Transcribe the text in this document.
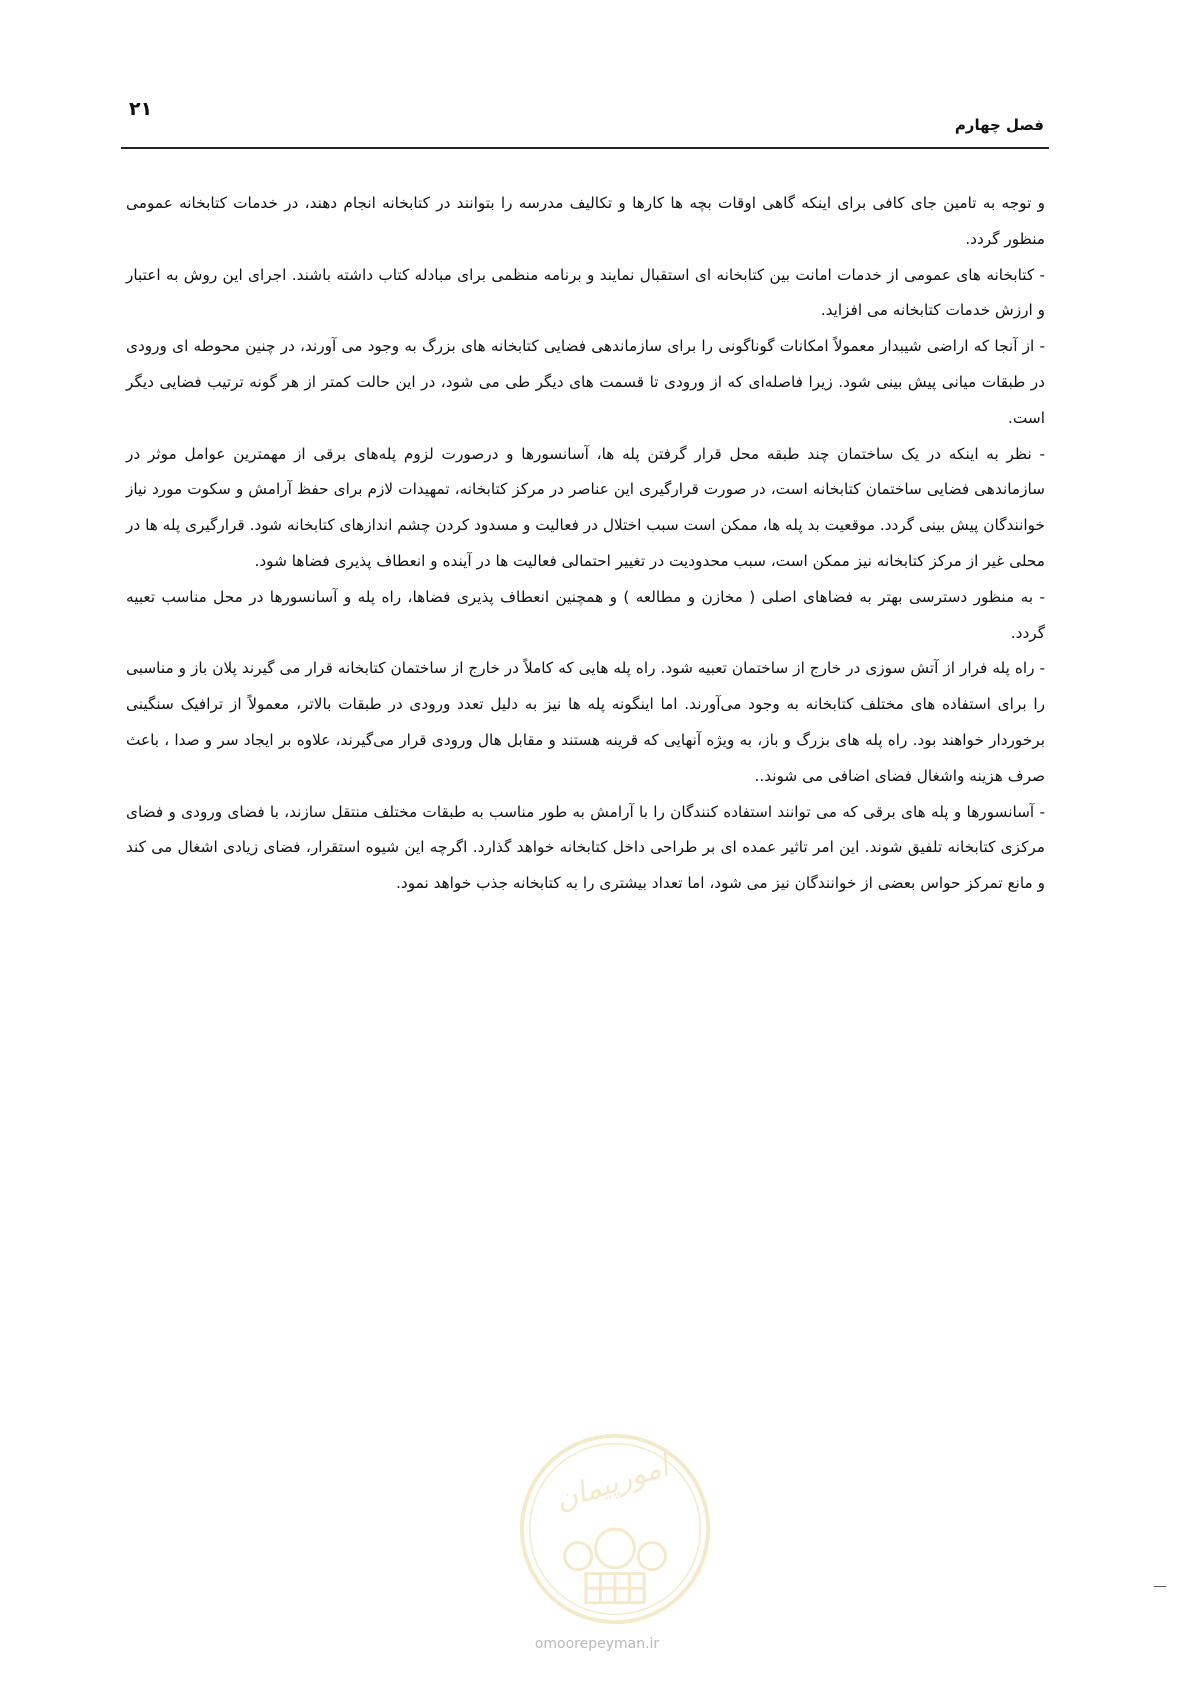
۲۱
فصل چهارم

و توجه به تامین جای کافی برای اینکه گاهی اوقات بچه ها کارها و تکالیف مدرسه را بتوانند در کتابخانه انجام دهند، در خدمات کتابخانه عمومی منظور گردد.

- کتابخانه های عمومی از خدمات امانت بین کتابخانه ای استقبال نمایند و برنامه منظمی برای مبادله کتاب داشته باشند. اجرای این روش به اعتبار و ارزش خدمات کتابخانه می افزاید.

- از آنجا که اراضی شیبدار معمولاً امکانات گوناگونی را برای سازماندهی فضایی کتابخانه های بزرگ به وجود می آورند، در چنین محوطه ای ورودی در طبقات میانی پیش بینی شود. زیرا فاصله‌ای که از ورودی تا قسمت های دیگر طی می شود، در این حالت کمتر از هر گونه ترتیب فضایی دیگر است.

- نظر به اینکه در یک ساختمان چند طبقه محل قرار گرفتن پله ها، آسانسورها و درصورت لزوم پله‌های برقی از مهمترین عوامل موثر در سازماندهی فضایی ساختمان کتابخانه است، در صورت قرارگیری این عناصر در مرکز کتابخانه، تمهیدات لازم برای حفظ آرامش و سکوت مورد نیاز خوانندگان پیش بینی گردد. موقعیت بد پله ها، ممکن است سبب اختلال در فعالیت و مسدود کردن چشم اندازهای کتابخانه شود. قرارگیری پله ها در محلی غیر از مرکز کتابخانه نیز ممکن است، سبب محدودیت در تغییر احتمالی فعالیت ها در آینده و انعطاف پذیری فضاها شود.

- به منظور دسترسی بهتر به فضاهای اصلی ( مخازن و مطالعه ) و همچنین انعطاف پذیری فضاها، راه پله و آسانسورها در محل مناسب تعبیه گردد.

- راه پله فرار از آتش سوزی در خارج از ساختمان تعبیه شود. راه پله هایی که کاملاً در خارج از ساختمان کتابخانه قرار می گیرند پلان باز و مناسبی را برای استفاده های مختلف کتابخانه به وجود می‌آورند. اما اینگونه پله ها نیز به دلیل تعدد ورودی در طبقات بالاتر، معمولاً از ترافیک سنگینی برخوردار خواهند بود. راه پله های بزرگ و باز، به ویژه آنهایی که قرینه هستند و مقابل هال ورودی قرار می‌گیرند، علاوه بر ایجاد سر و صدا ، باعث صرف هزینه واشغال فضای اضافی می شوند..

- آسانسورها و پله های برقی که می توانند استفاده کنندگان را با آرامش به طور مناسب به طبقات مختلف منتقل سازند، با فضای ورودی و فضای مرکزی کتابخانه تلفیق شوند. این امر تاثیر عمده ای بر طراحی داخل کتابخانه خواهد گذارد. اگرچه این شیوه استقرار، فضای زیادی اشغال می کند و مانع تمرکز حواس بعضی از خوانندگان نیز می شود، اما تعداد بیشتری را به کتابخانه جذب خواهد نمود.

امورپیمان
omoorepeyman.ir
